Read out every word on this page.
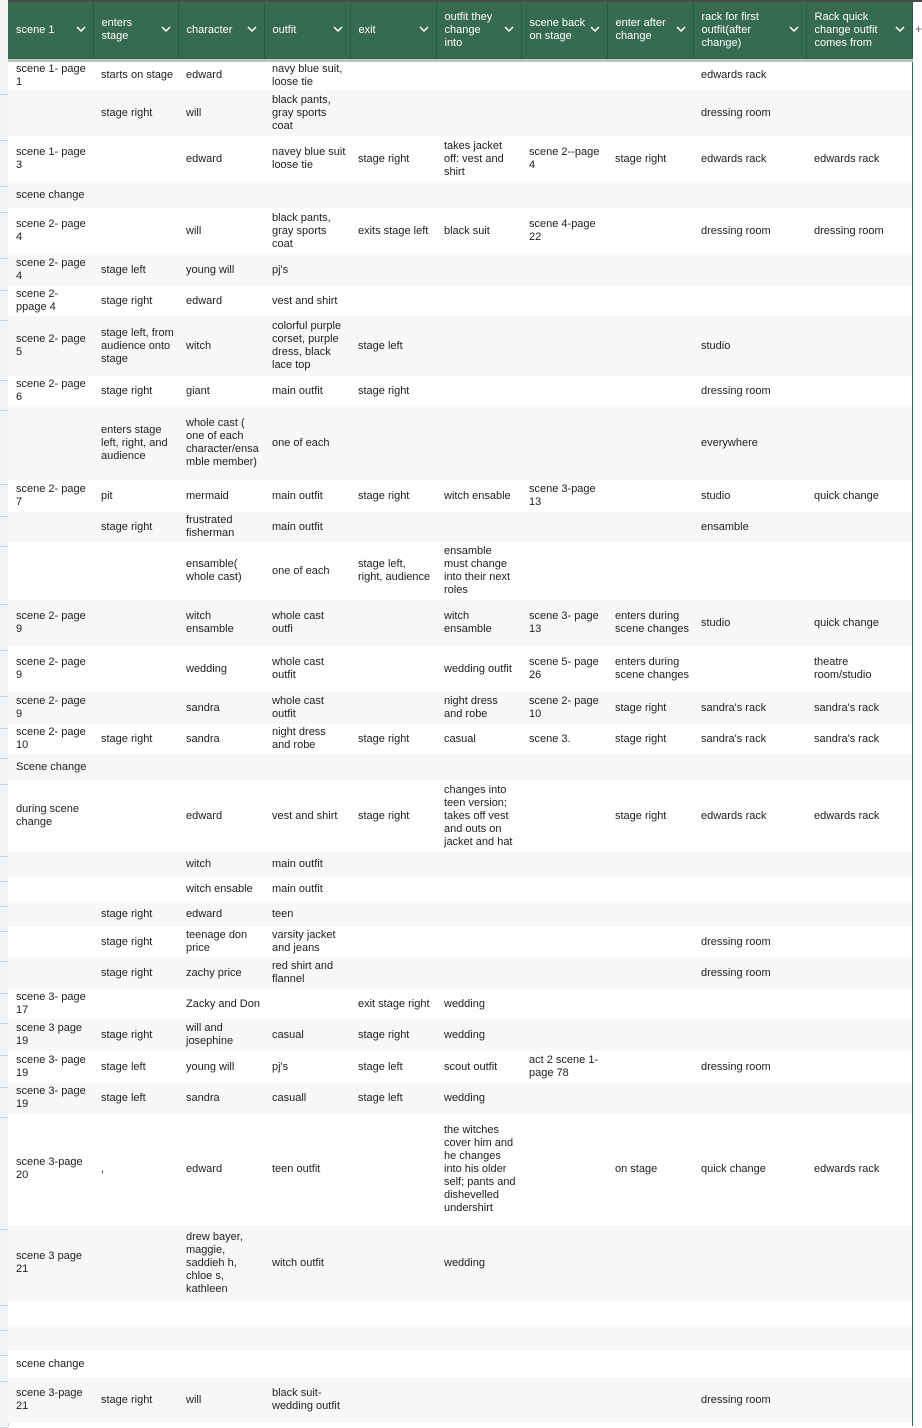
scene 1	enters stage	character	outfit	exit	outfit they change into	scene back on stage	enter after change	rack for first outfit(after change)	Rack quick change outfit comes from

scene 1- page 1	starts on stage	edward	navy blue suit, loose tie					edwards rack	
	stage right	will	black pants, gray sports coat					dressing room	
scene 1- page 3		edward	navey blue suit loose tie	stage right	takes jacket off: vest and shirt	scene 2--page 4	stage right	edwards rack	edwards rack
scene change									
scene 2- page 4		will	black pants, gray sports coat	exits stage left	black suit	scene 4-page 22		dressing room	dressing room
scene 2- page 4	stage left	young will	pj's						
scene 2- ppage 4	stage right	edward	vest and shirt						
scene 2- page 5	stage left, from audience onto stage	witch	colorful purple corset, purple dress, black lace top	stage left				studio	
scene 2- page 6	stage right	giant	main outfit	stage right				dressing room	
	enters stage left, right, and audience	whole cast ( one of each character/ensamble member)	one of each					everywhere	
scene 2- page 7	pit	mermaid	main outfit	stage right	witch ensable	scene 3-page 13		studio	quick change
	stage right	frustrated fisherman	main outfit					ensamble	
		ensamble( whole cast)	one of each	stage left, right, audience	ensamble must change into their next roles				
scene 2- page 9		witch ensamble	whole cast outfi		witch ensamble	scene 3- page 13	enters during scene changes	studio	quick change
scene 2- page 9		wedding	whole cast outfit		wedding outfit	scene 5- page 26	enters during scene changes		theatre room/studio
scene 2- page 9		sandra	whole cast outfit		night dress and robe	scene 2- page 10	stage right	sandra's rack	sandra's rack
scene 2- page 10	stage right	sandra	night dress and robe	stage right	casual	scene 3.	stage right	sandra's rack	sandra's rack
Scene change									
during scene change		edward	vest and shirt	stage right	changes into teen version; takes off vest and outs on jacket and hat		stage right	edwards rack	edwards rack
		witch	main outfit						
		witch ensable	main outfit						
	stage right	edward	teen						
	stage right	teenage don price	varsity jacket and jeans					dressing room	
	stage right	zachy price	red shirt and flannel					dressing room	
scene 3- page 17		Zacky and Don		exit stage right	wedding				
scene 3 page 19	stage right	will and josephine	casual	stage right	wedding				
scene 3- page 19	stage left	young will	pj's	stage left	scout outfit	act 2 scene 1-page 78		dressing room	
scene 3- page 19	stage left	sandra	casuall	stage left	wedding				
scene 3-page 20	,	edward	teen outfit		the witches cover him and he changes into his older self; pants and dishevelled undershirt		on stage	quick change	edwards rack
scene 3 page 21		drew bayer, maggie, saddieh h, chloe s, kathleen	witch outfit		wedding				

scene change									
scene 3-page 21	stage right	will	black suit- wedding outfit					dressing room	
+
